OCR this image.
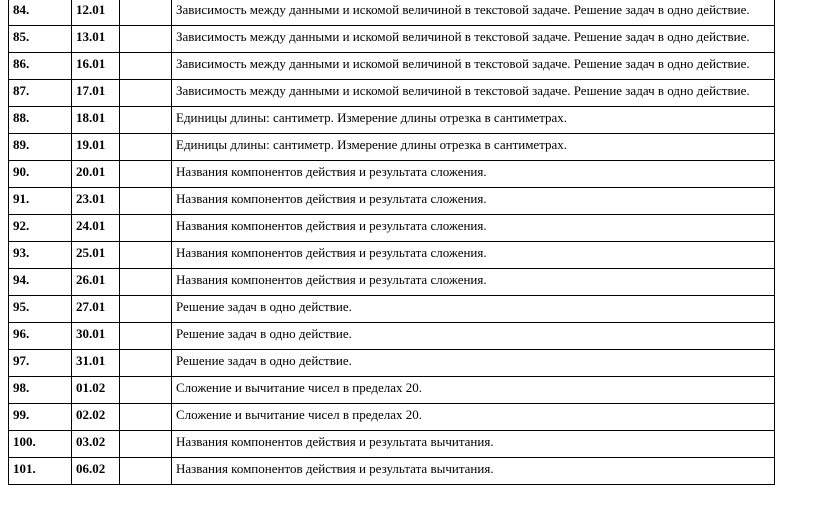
84.	12.01		Зависимость между данными и искомой величиной в текстовой задаче. Решение задач в одно действие.
85.	13.01		Зависимость между данными и искомой величиной в текстовой задаче. Решение задач в одно действие.
86.	16.01		Зависимость между данными и искомой величиной в текстовой задаче. Решение задач в одно действие.
87.	17.01		Зависимость между данными и искомой величиной в текстовой задаче. Решение задач в одно действие.
88.	18.01		Единицы длины: сантиметр. Измерение длины отрезка в сантиметрах.
89.	19.01		Единицы длины: сантиметр. Измерение длины отрезка в сантиметрах.
90.	20.01		Названия компонентов действия и результата сложения.
91.	23.01		Названия компонентов действия и результата сложения.
92.	24.01		Названия компонентов действия и результата сложения.
93.	25.01		Названия компонентов действия и результата сложения.
94.	26.01		Названия компонентов действия и результата сложения.
95.	27.01		Решение задач в одно действие.
96.	30.01		Решение задач в одно действие.
97.	31.01		Решение задач в одно действие.
98.	01.02		Сложение и вычитание чисел в пределах 20.
99.	02.02		Сложение и вычитание чисел в пределах 20.
100.	03.02		Названия компонентов действия и результата вычитания.
101.	06.02		Названия компонентов действия и результата вычитания.
